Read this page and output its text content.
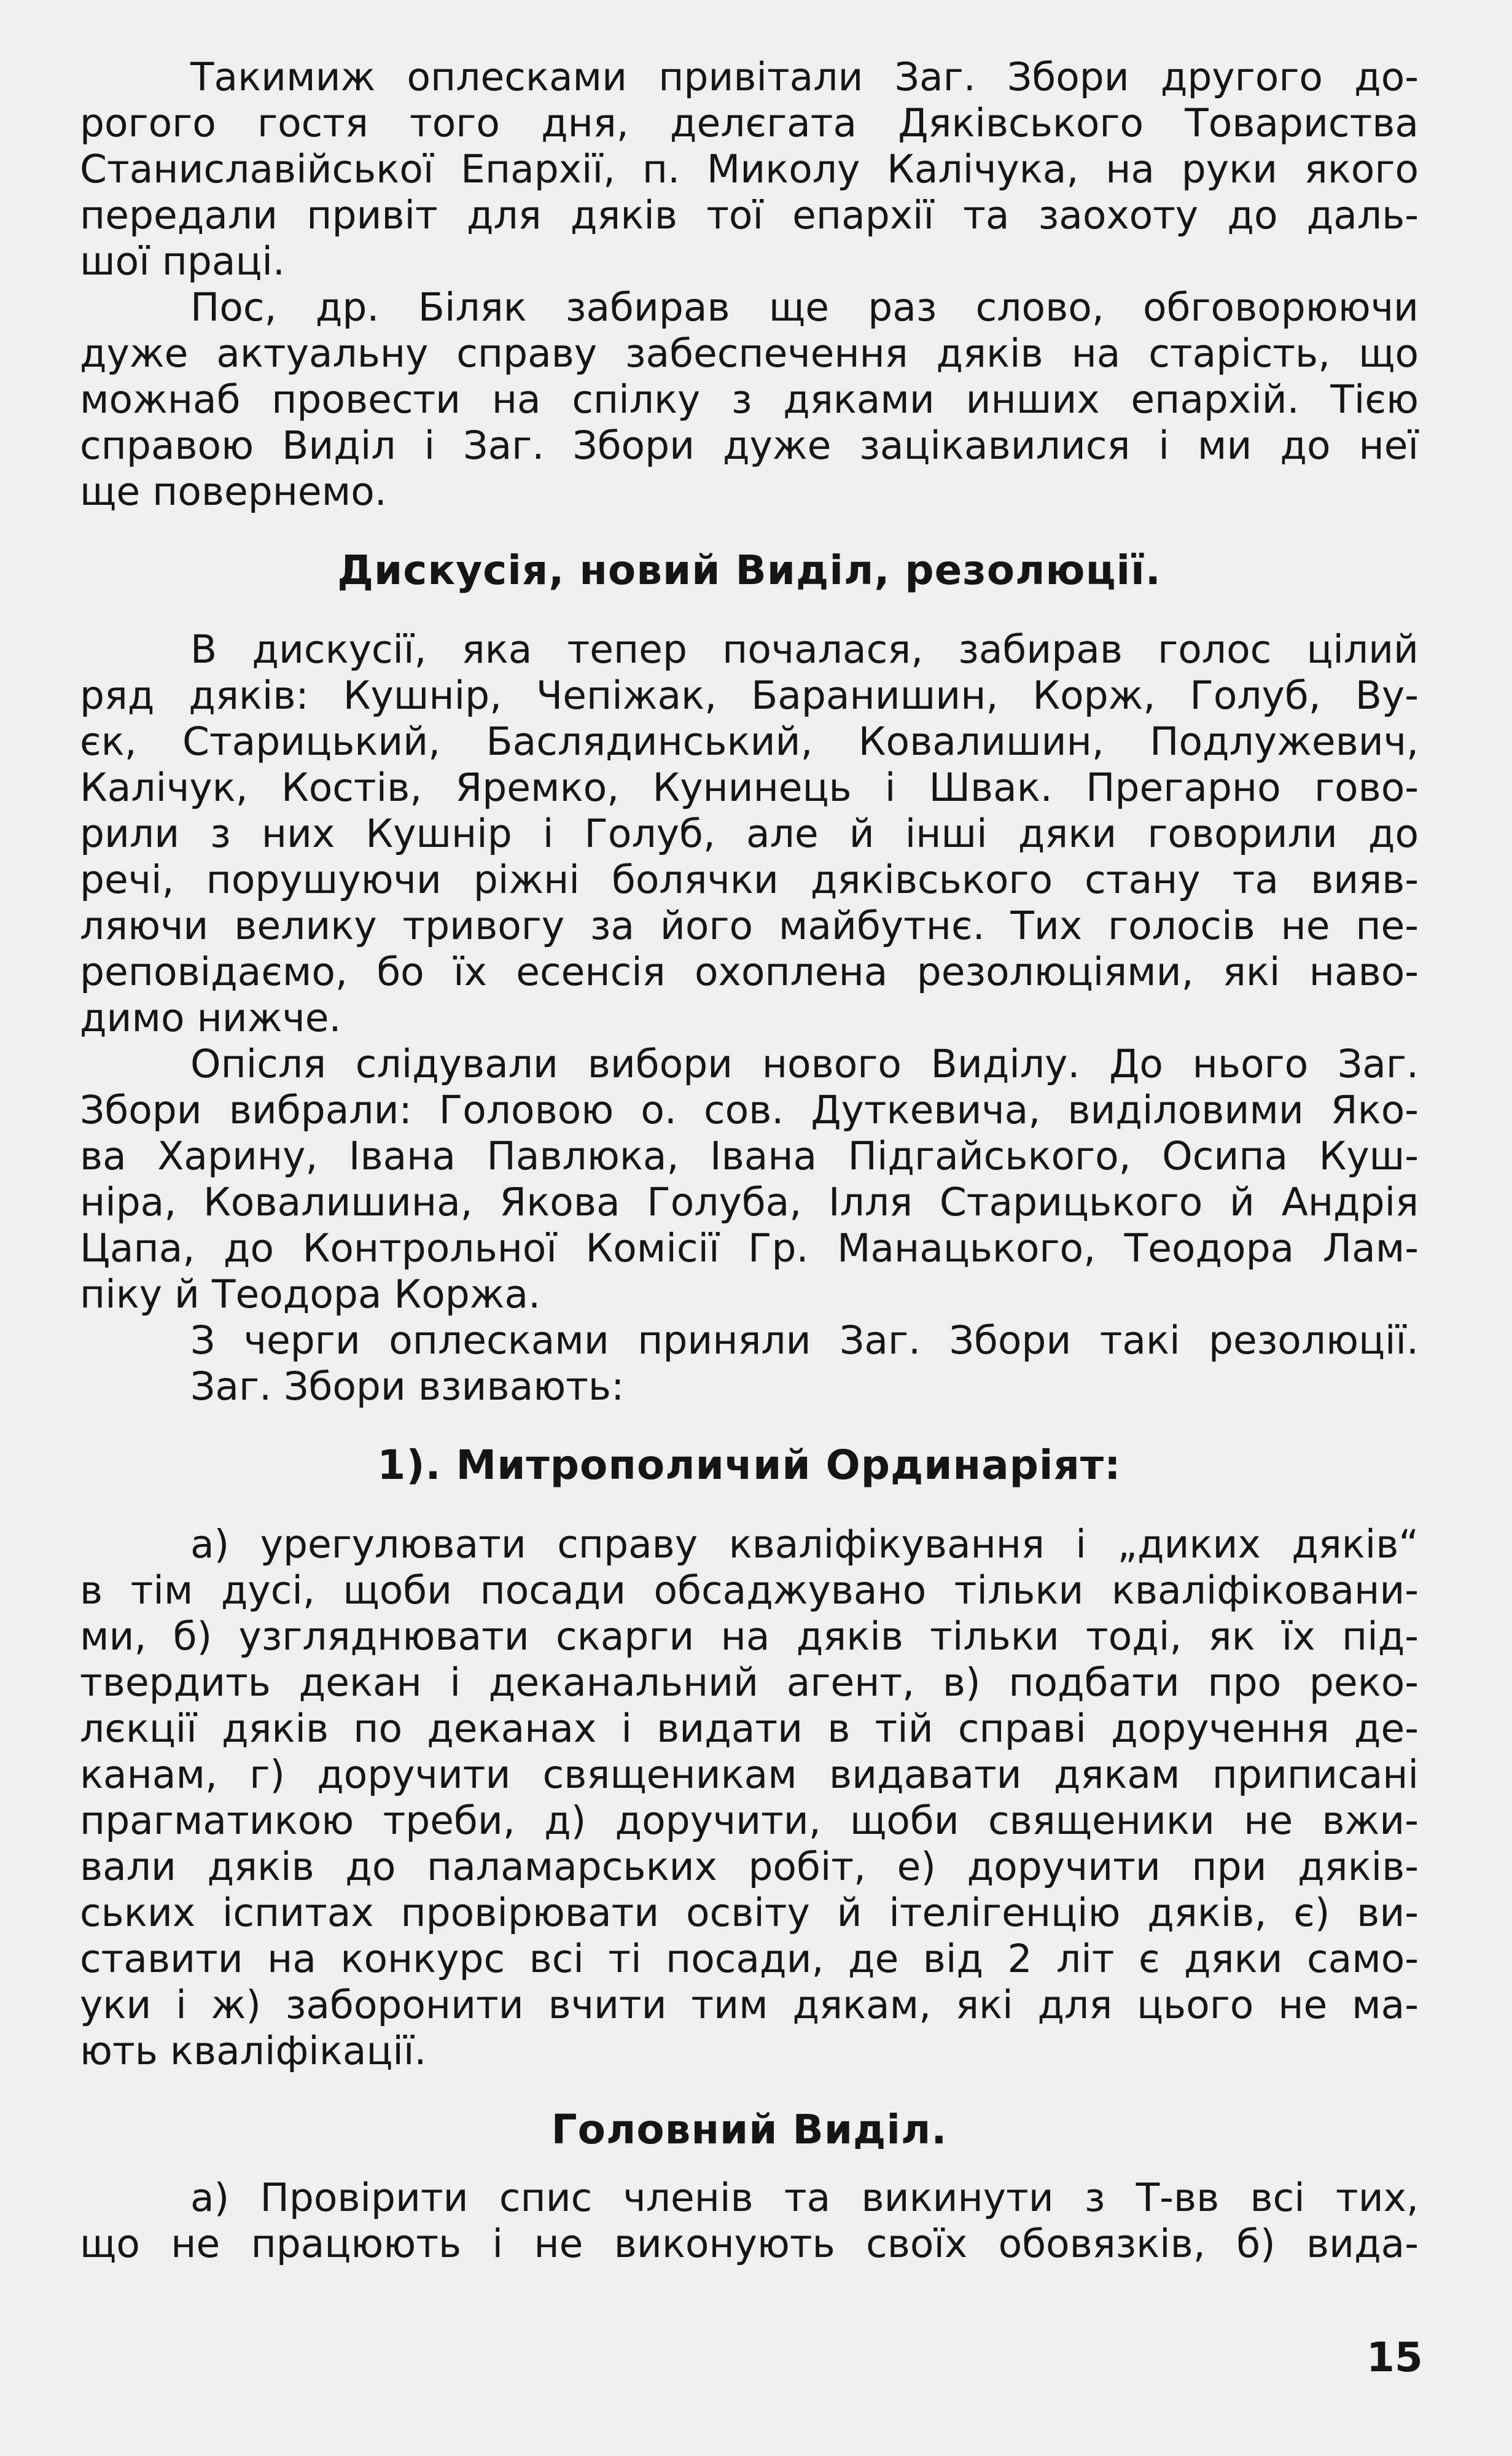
Такимиж оплесками привітали Заг. Збори другого до-
рогого гостя того дня, делєгата Дяківського Товариства
Станиславійської Епархії, п. Миколу Калічука, на руки якого
передали привіт для дяків тої епархії та заохоту до даль-
шої праці.
Пос, др. Біляк забирав ще раз слово, обговорюючи
дуже актуальну справу забеспечення дяків на старість, що
можнаб провести на спілку з дяками инших епархій. Тією
справою Виділ і Заг. Збори дуже зацікавилися і ми до неї
ще повернемо.
Дискусія, новий Виділ, резолюції.
В дискусії, яка тепер почалася, забирав голос цілий
ряд дяків: Кушнір, Чепіжак, Баранишин, Корж, Голуб, Ву-
єк, Старицький, Баслядинський, Ковалишин, Подлужевич,
Калічук, Костів, Яремко, Кунинець і Швак. Прегарно гово-
рили з них Кушнір і Голуб, але й інші дяки говорили до
речі, порушуючи ріжні болячки дяківського стану та вияв-
ляючи велику тривогу за його майбутнє. Тих голосів не пе-
реповідаємо, бо їх есенсія охоплена резолюціями, які наво-
димо нижче.
Опісля слідували вибори нового Виділу. До нього Заг.
Збори вибрали: Головою о. сов. Дуткевича, виділовими Яко-
ва Харину, Івана Павлюка, Івана Підгайського, Осипа Куш-
ніра, Ковалишина, Якова Голуба, Ілля Старицького й Андрія
Цапа, до Контрольної Комісії Гр. Манацького, Теодора Лам-
піку й Теодора Коржа.
З черги оплесками приняли Заг. Збори такі резолюції.
Заг. Збори взивають:
1). Митрополичий Ординаріят:
а) урегулювати справу кваліфікування і „диких дяків“
в тім дусі, щоби посади обсаджувано тільки кваліфіковани-
ми, б) узгляднювати скарги на дяків тільки тоді, як їх під-
твердить декан і деканальний агент, в) подбати про реко-
лєкції дяків по деканах і видати в тій справі доручення де-
канам, г) доручити священикам видавати дякам приписані
прагматикою треби, д) доручити, щоби священики не вжи-
вали дяків до паламарських робіт, е) доручити при дяків-
ських іспитах провірювати освіту й ітелігенцію дяків, є) ви-
ставити на конкурс всі ті посади, де від 2 літ є дяки само-
уки і ж) заборонити вчити тим дякам, які для цього не ма-
ють кваліфікації.
Головний Виділ.
а) Провірити спис членів та викинути з Т-вв всі тих,
що не працюють і не виконують своїх обовязків, б) вида-
15
